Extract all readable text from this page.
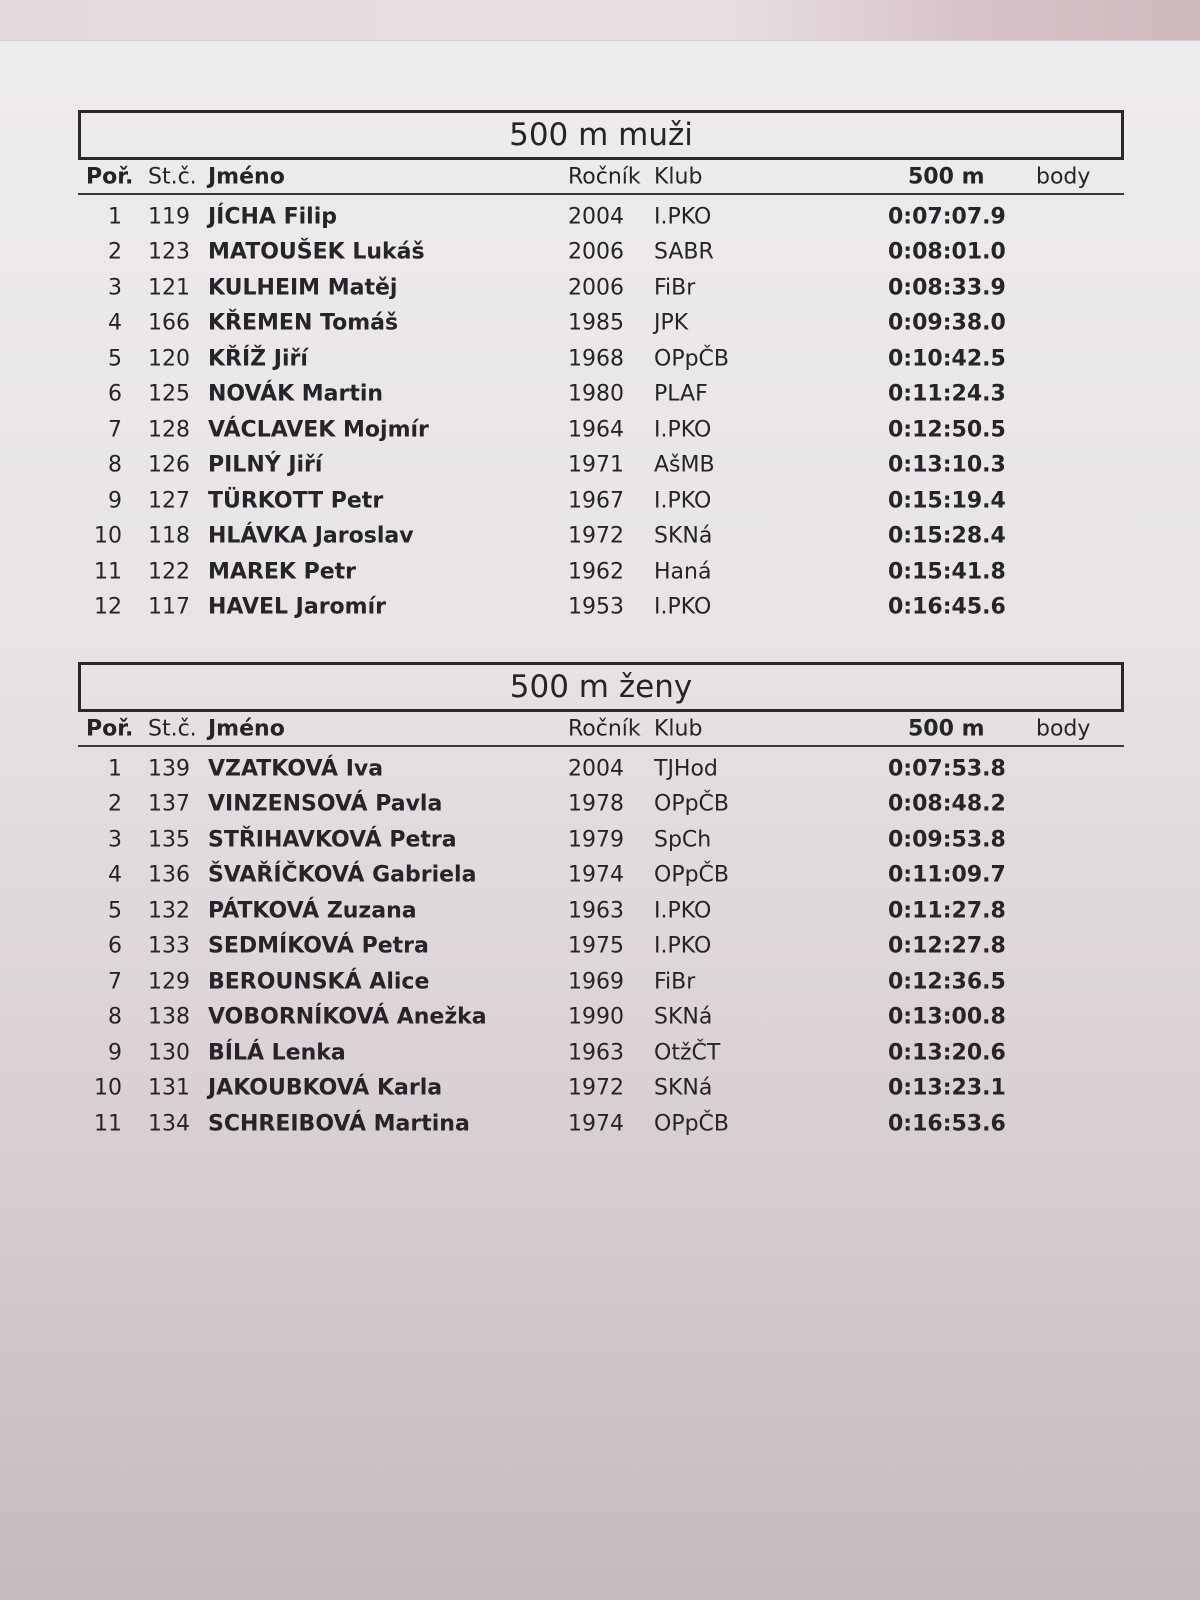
500 m muži
Poř. St.č. Jméno	Ročník Klub	500 m body
1 119 JÍCHA Filip	2004 I.PKO	0:07:07.9
2 123 MATOUŠEK Lukáš	2006 SABR	0:08:01.0
3 121 KULHEIM Matěj	2006 FiBr	0:08:33.9
4 166 KŘEMEN Tomáš	1985 JPK	0:09:38.0
5 120 KŘÍŽ Jiří	1968 OPpČB	0:10:42.5
6 125 NOVÁK Martin	1980 PLAF	0:11:24.3
7 128 VÁCLAVEK Mojmír	1964 I.PKO	0:12:50.5
8 126 PILNÝ Jiří	1971 AšMB	0:13:10.3
9 127 TÜRKOTT Petr	1967 I.PKO	0:15:19.4
10 118 HLÁVKA Jaroslav	1972 SKNá	0:15:28.4
11 122 MAREK Petr	1962 Haná	0:15:41.8
12 117 HAVEL Jaromír	1953 I.PKO	0:16:45.6
500 m ženy
Poř. St.č. Jméno	Ročník Klub	500 m body
1 139 VZATKOVÁ Iva	2004 TJHod	0:07:53.8
2 137 VINZENSOVÁ Pavla	1978 OPpČB	0:08:48.2
3 135 STŘIHAVKOVÁ Petra	1979 SpCh	0:09:53.8
4 136 ŠVAŘÍČKOVÁ Gabriela	1974 OPpČB	0:11:09.7
5 132 PÁTKOVÁ Zuzana	1963 I.PKO	0:11:27.8
6 133 SEDMÍKOVÁ Petra	1975 I.PKO	0:12:27.8
7 129 BEROUNSKÁ Alice	1969 FiBr	0:12:36.5
8 138 VOBORNÍKOVÁ Anežka	1990 SKNá	0:13:00.8
9 130 BÍLÁ Lenka	1963 OtžČT	0:13:20.6
10 131 JAKOUBKOVÁ Karla	1972 SKNá	0:13:23.1
11 134 SCHREIBOVÁ Martina	1974 OPpČB	0:16:53.6
